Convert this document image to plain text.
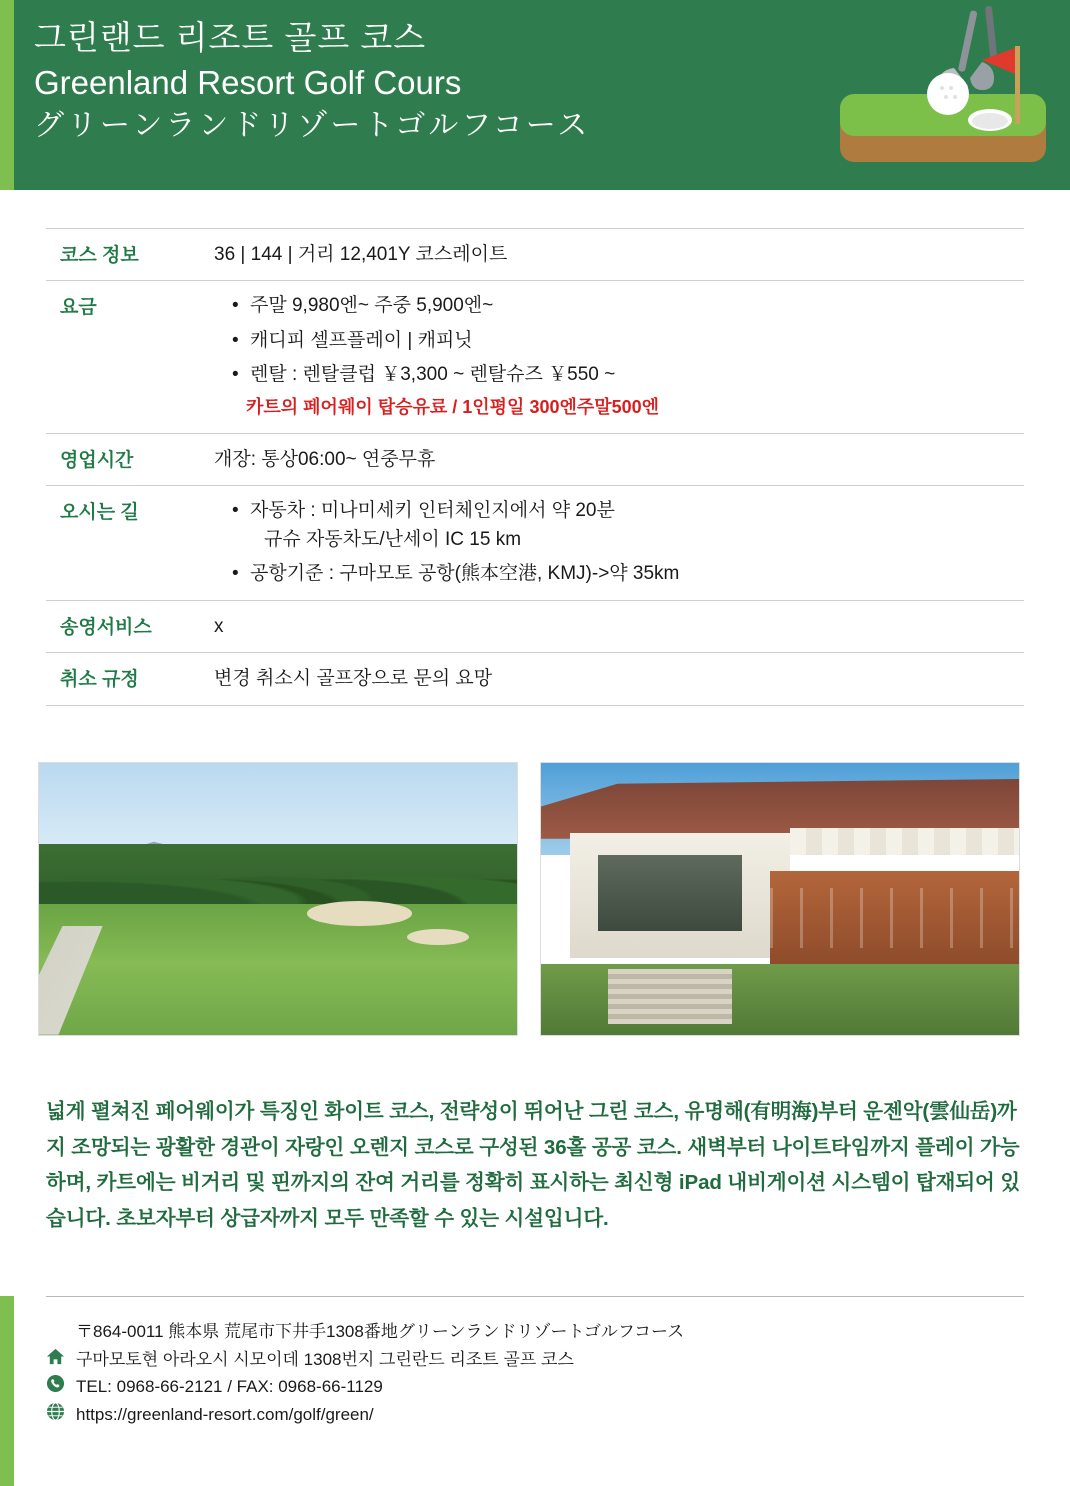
그린랜드 리조트 골프 코스
Greenland Resort Golf Cours
グリーンランドリゾートゴルフコース
코스 정보	36 | 144 | 거리 12,401Y 코스레이트
요금	
•주말 9,980엔~ 주중 5,900엔~
• 캐디피 셀프플레이 | 캐피닛
• 렌탈 : 렌탈클럽 ￥3,300 ~ 렌탈슈즈 ￥550 ~
카트의 페어웨이 탑승유료 / 1인평일 300엔주말500엔

영업시간	개장: 통상06:00~ 연중무휴
오시는 길	
•자동차 : 미나미세키 인터체인지에서 약 20분
규슈 자동차도/난세이 IC 15 km
• 공항기준 : 구마모토 공항(熊本空港, KMJ)->약 35km

송영서비스	x
취소 규정	변경 취소시 골프장으로 문의 요망
넓게 펼쳐진 페어웨이가 특징인 화이트 코스, 전략성이 뛰어난 그린 코스, 유명해(有明海)부터 운젠악(雲仙岳)까지 조망되는 광활한 경관이 자랑인 오렌지 코스로 구성된 36홀 공공 코스. 새벽부터 나이트타임까지 플레이 가능하며, 카트에는 비거리 및 핀까지의 잔여 거리를 정확히 표시하는 최신형 iPad 내비게이션 시스템이 탑재되어 있습니다. 초보자부터 상급자까지 모두 만족할 수 있는 시설입니다.
〒864-0011 熊本県 荒尾市下井手1308番地グリーンランドリゾートゴルフコース
구마모토현 아라오시 시모이데 1308번지 그린란드 리조트 골프 코스
TEL: 0968-66-2121 / FAX: 0968-66-1129
https://greenland-resort.com/golf/green/
